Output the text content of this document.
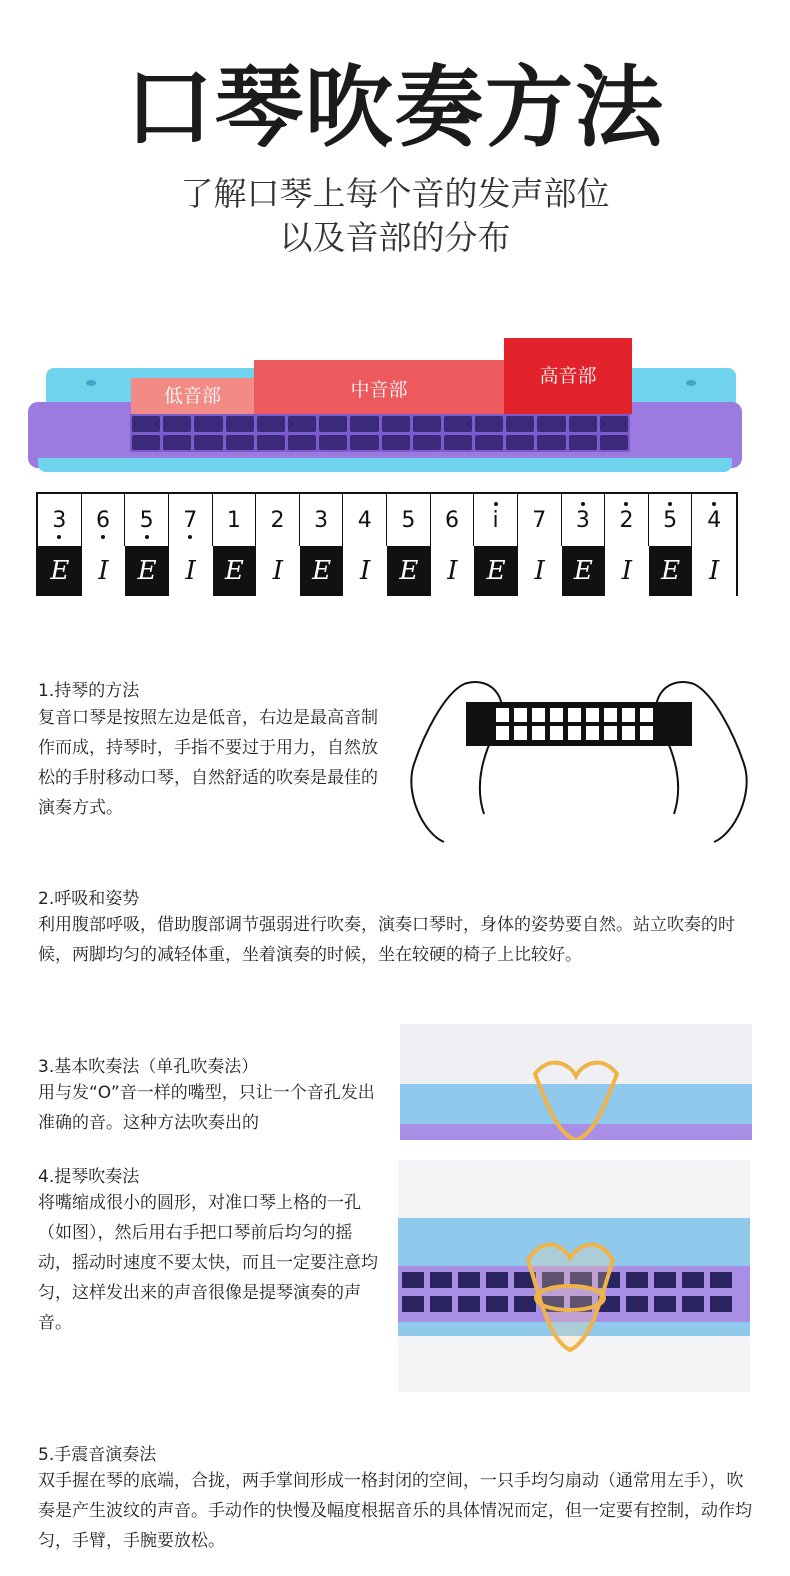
口琴吹奏方法
了解口琴上每个音的发声部位
以及音部的分布
低音部	中音部
高音部
3 6 5 7 1 2 3 4 5 6 i 7 3 2 5 4
E	I	E	I	E	I	E	I	E	I	E	I	E	I	E	I
1.持琴的方法
复音口琴是按照左边是低音，右边是最高音制作而成，持琴时，手指不要过于用力，自然放松的手肘移动口琴，自然舒适的吹奏是最佳的演奏方式。
2.呼吸和姿势
利用腹部呼吸，借助腹部调节强弱进行吹奏，演奏口琴时，身体的姿势要自然。站立吹奏的时候，两脚均匀的减轻体重，坐着演奏的时候，坐在较硬的椅子上比较好。
3.基本吹奏法（单孔吹奏法）
用与发“O”音一样的嘴型，只让一个音孔发出准确的音。这种方法吹奏出的
4.提琴吹奏法
将嘴缩成很小的圆形，对准口琴上格的一孔（如图），然后用右手把口琴前后均匀的摇动，摇动时速度不要太快，而且一定要注意均匀，这样发出来的声音很像是提琴演奏的声音。
5.手震音演奏法
双手握在琴的底端，合拢，两手掌间形成一格封闭的空间，一只手均匀扇动（通常用左手），吹奏是产生波纹的声音。手动作的快慢及幅度根据音乐的具体情况而定，但一定要有控制，动作均匀，手臂，手腕要放松。
